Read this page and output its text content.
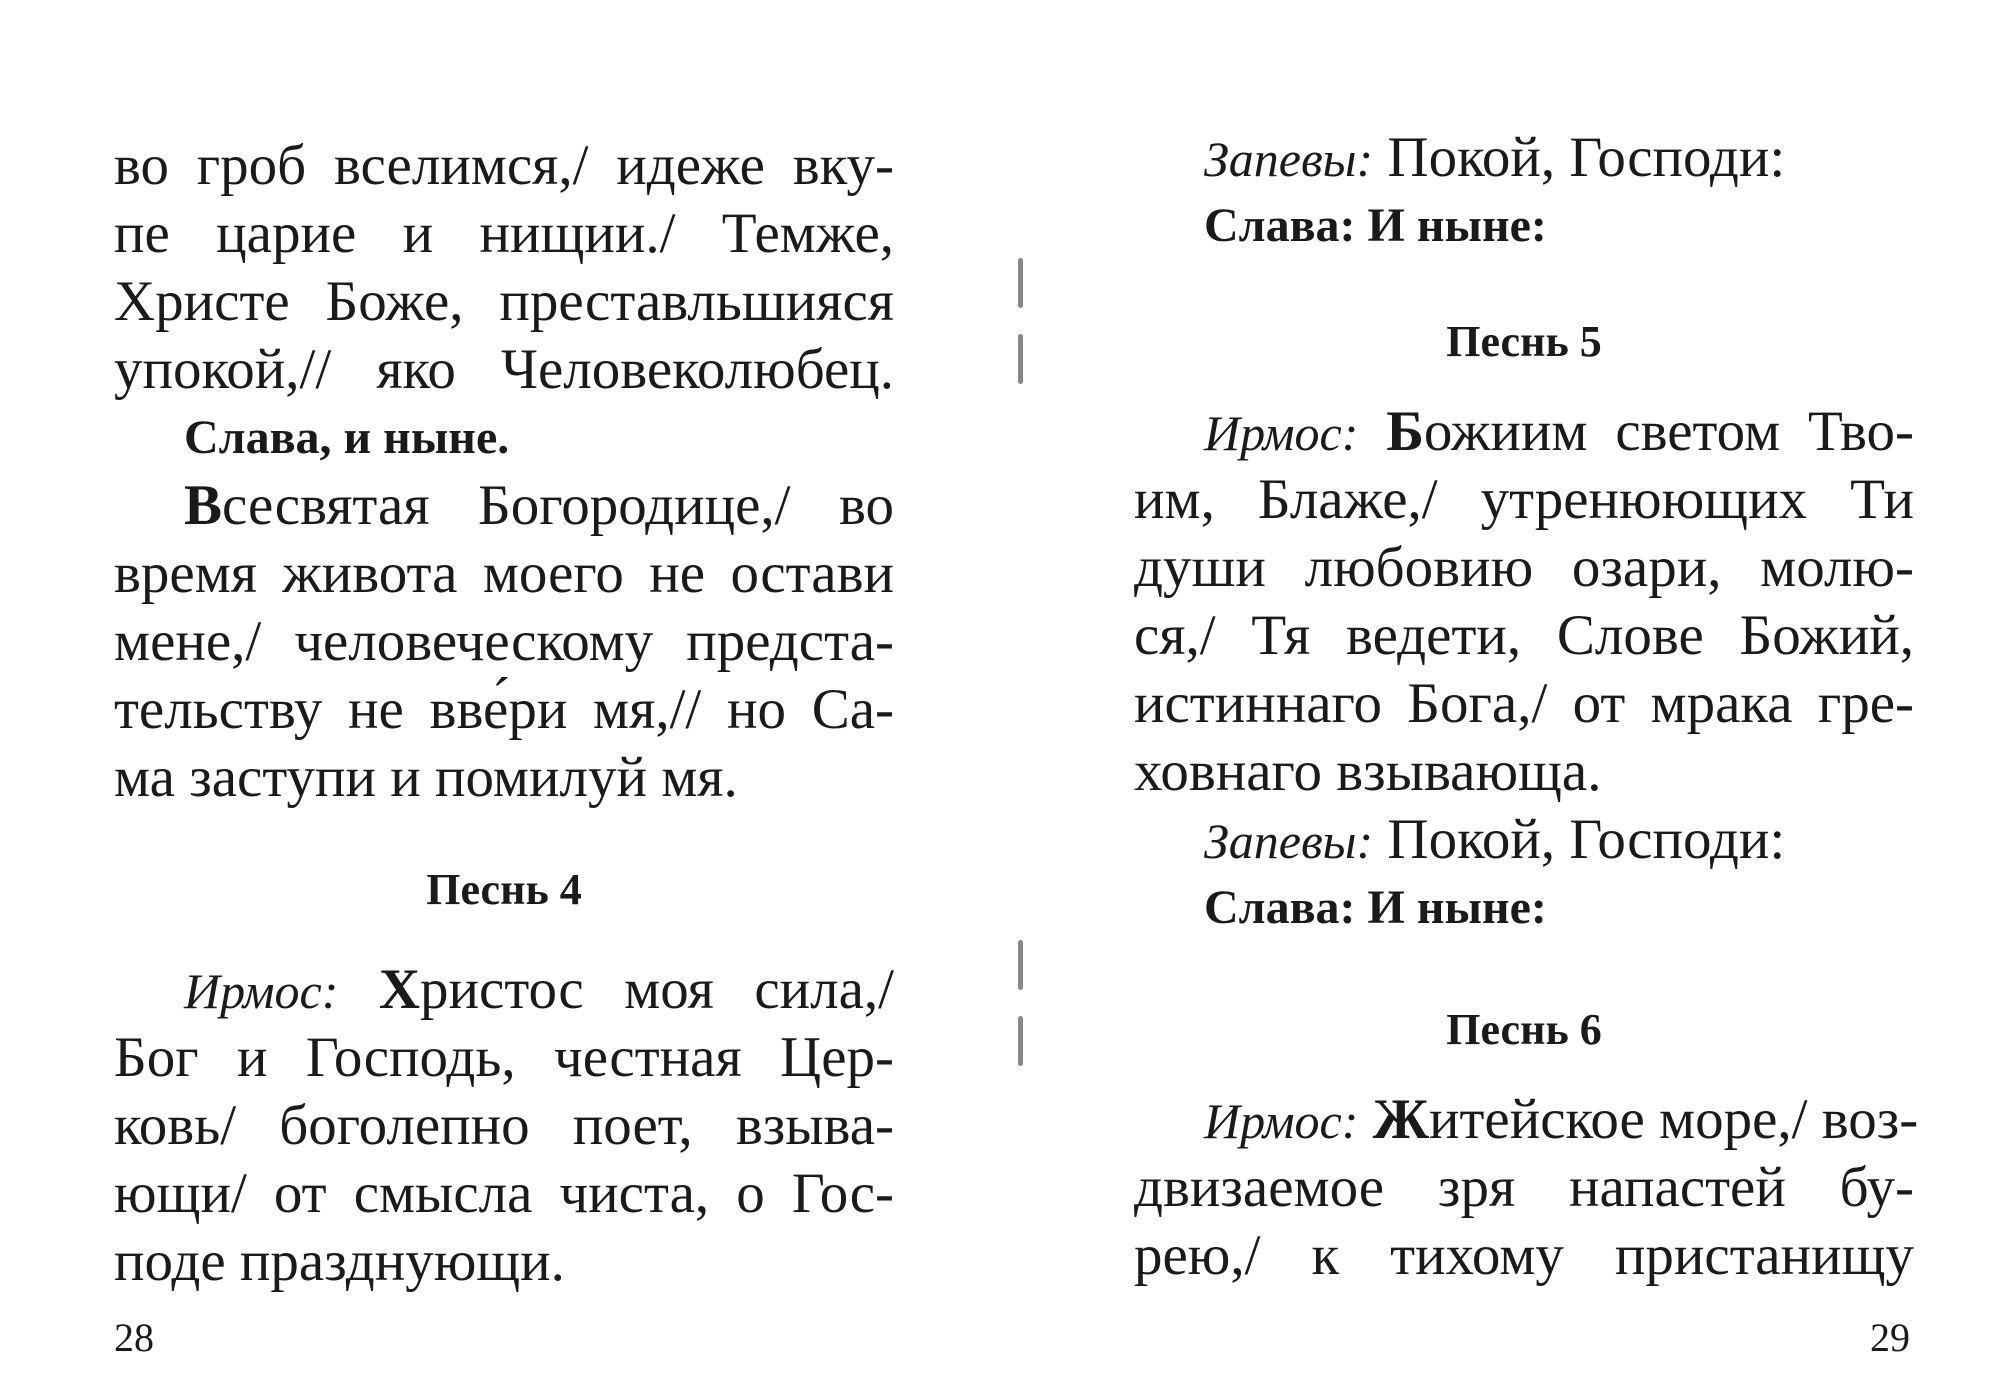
во гроб вселимся,/ идеже вку-
пе царие и нищии./ Темже,
Христе Боже, преставльшияся
упокой,// яко Человеколюбец.
Слава, и ныне.
Всесвятая Богородице,/ во
время живота моего не остави
мене,/ человеческому предста-
тельству не вве́ри мя,// но Са-
ма заступи и помилуй мя.
Песнь 4
Ирмос: Христос моя сила,/
Бог и Господь, честная Цер-
ковь/ боголепно поет, взыва-
ющи/ от смысла чиста, о Гос-
поде празднующи.
28
Запевы: Покой, Господи:
Слава: И ныне:
Песнь 5
Ирмос: Божиим светом Тво-
им, Блаже,/ утренюющих Ти
души любовию озари, молю-
ся,/ Тя ведети, Слове Божий,
истиннаго Бога,/ от мрака гре-
ховнаго взывающа.
Запевы: Покой, Господи:
Слава: И ныне:
Песнь 6
Ирмос: Житейское море,/ воз-
двизаемое зря напастей бу-
рею,/ к тихому пристанищу
29
